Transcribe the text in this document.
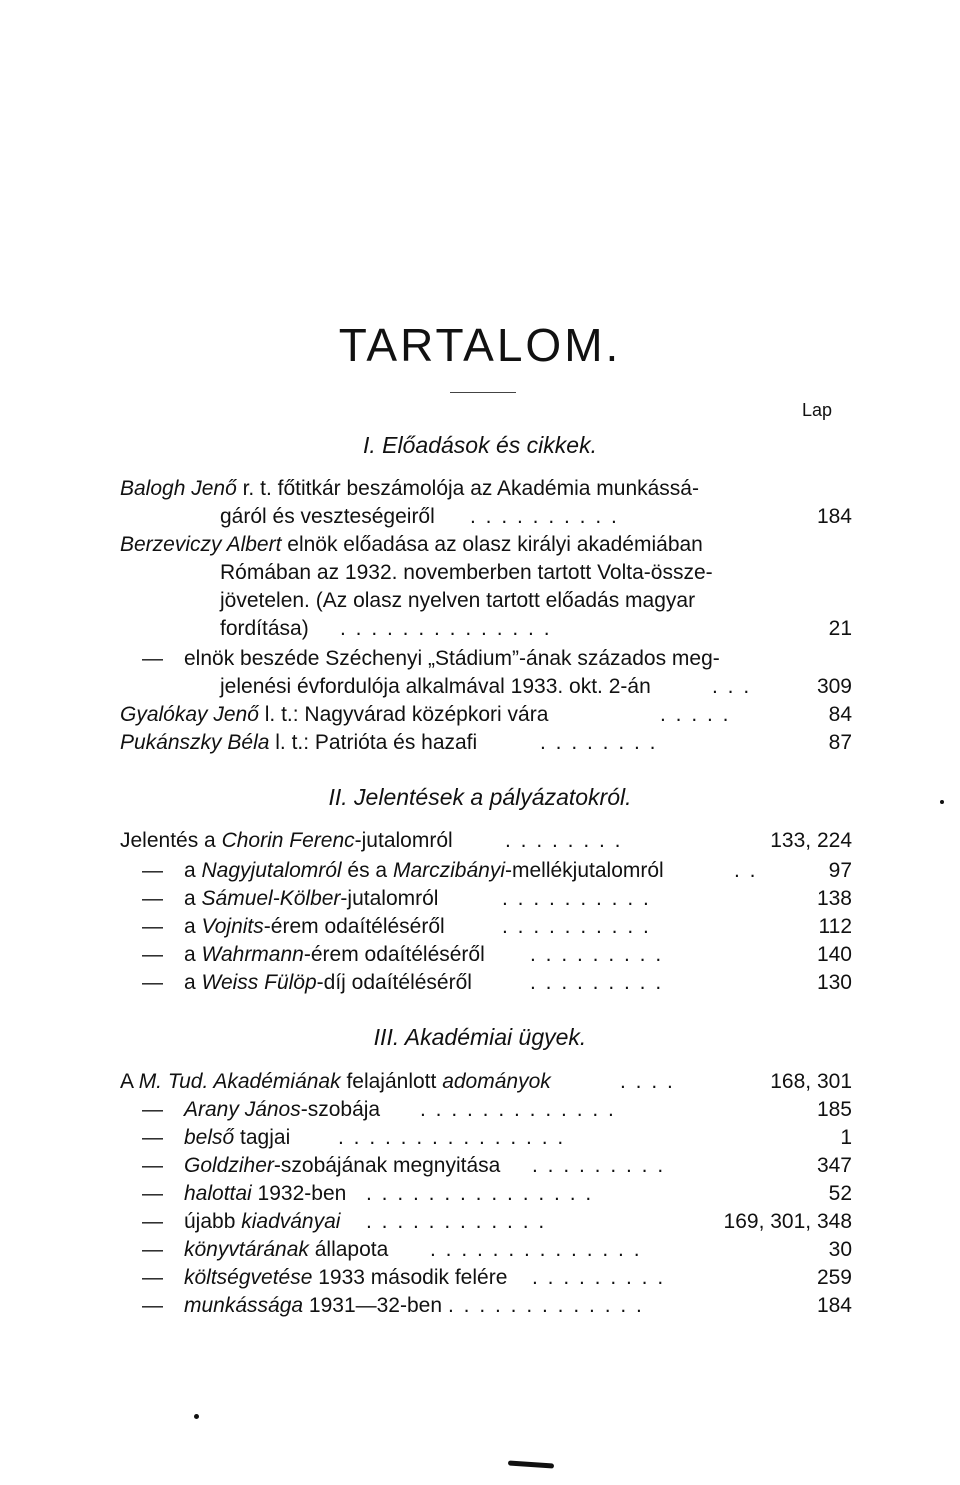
TARTALOM.
Lap
I. Előadások és cikkek.
Balogh Jenő r. t. főtitkár beszámolója az Akadémia munkássá-
gáról és veszteségeiről . . . . . . . . . .	184
Berzeviczy Albert elnök előadása az olasz királyi akadémiában
Rómában az 1932. novemberben tartott Volta-össze-
jövetelen. (Az olasz nyelven tartott előadás magyar
fordítása) . . . . . . . . . . . . . .	21
— elnök beszéde Széchenyi „Stádium”-ának százados meg-
jelenési évfordulója alkalmával 1933. okt. 2-án	. . .	309
Gyalókay Jenő l. t.: Nagyvárad középkori vára	. . . . .	84
Pukánszky Béla l. t.: Patrióta és hazafi	. . . . . . . .	87
II. Jelentések a pályázatokról.
Jelentés a Chorin Ferenc-jutalomról . . . . . . . .	133, 224
— a Nagyjutalomról és a Marczibányi-mellékjutalomról	. .	97
— a Sámuel-Kölber-jutalomról	. . . . . . . . . .	138
— a Vojnits-érem odaítéléséről	. . . . . . . . . .	112
— a Wahrmann-érem odaítéléséről . . . . . . . . .	140
— a Weiss Fülöp-díj odaítéléséről	. . . . . . . . .	130
III. Akadémiai ügyek.
A M. Tud. Akadémiának felajánlott adományok	. . . .	168, 301
— Arany János-szobája . . . . . . . . . . . . .	185
— belső tagjai . . . . . . . . . . . . . . .	1
— Goldziher-szobájának megnyitása . . . . . . . . .	347
— halottai 1932-ben . . . . . . . . . . . . . . .	52
— újabb kiadványai . . . . . . . . . . . .	169, 301, 348
— könyvtárának állapota . . . . . . . . . . . . . .	30
— költségvetése 1933 második felére . . . . . . . . .	259
— munkássága 1931—32-ben . . . . . . . . . . . . .	184
